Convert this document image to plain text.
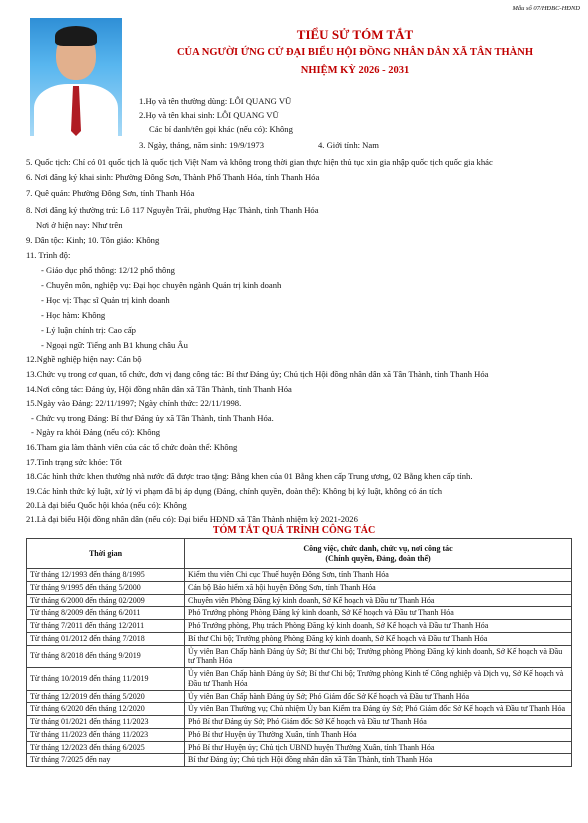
Mẫu số 07/HĐBC-HĐND
TIỂU SỬ TÓM TẮT
CỦA NGƯỜI ỨNG CỬ ĐẠI BIỂU HỘI ĐỒNG NHÂN DÂN XÃ TÂN THÀNH
NHIỆM KỲ 2026 - 2031
1.Họ và tên thường dùng: LÔI QUANG VŨ
2.Họ và tên khai sinh: LÔI QUANG VŨ
Các bí danh/tên gọi khác (nếu có): Không
3. Ngày, tháng, năm sinh: 19/9/1973	4. Giới tính: Nam
5. Quốc tịch: Chỉ có 01 quốc tịch là quốc tịch Việt Nam và không trong thời gian thực hiện thủ tục xin gia nhập quốc tịch quốc gia khác
6. Nơi đăng ký khai sinh: Phường Đông Sơn, Thành Phố Thanh Hóa, tỉnh Thanh Hóa
7. Quê quán: Phường Đông Sơn, tỉnh Thanh Hóa
8. Nơi đăng ký thường trú: Lô 117 Nguyễn Trãi, phường Hạc Thành, tỉnh Thanh Hóa
Nơi ở hiện nay: Như trên
9. Dân tộc: Kinh; 10. Tôn giáo: Không
11. Trình độ:
- Giáo dục phổ thông: 12/12 phổ thông
- Chuyên môn, nghiệp vụ: Đại học chuyên ngành Quản trị kinh doanh
- Học vị: Thạc sĩ Quản trị kinh doanh
- Học hàm: Không
- Lý luận chính trị: Cao cấp
- Ngoại ngữ: Tiếng anh B1 khung châu Âu
12.Nghề nghiệp hiện nay: Cán bộ
13.Chức vụ trong cơ quan, tổ chức, đơn vị đang công tác: Bí thư Đảng ủy; Chủ tịch Hội đồng nhân dân xã Tân Thành, tỉnh Thanh Hóa
14.Nơi công tác: Đảng ủy, Hội đồng nhân dân xã Tân Thành, tỉnh Thanh Hóa
15.Ngày vào Đảng: 22/11/1997; Ngày chính thức: 22/11/1998.
- Chức vụ trong Đảng: Bí thư Đảng ủy xã Tân Thành, tỉnh Thanh Hóa.
- Ngày ra khỏi Đảng (nếu có): Không
16.Tham gia làm thành viên của các tổ chức đoàn thể: Không
17.Tình trạng sức khỏe: Tốt
18.Các hình thức khen thưởng nhà nước đã được trao tặng: Bằng khen của 01 Bằng khen cấp Trung ương, 02 Bằng khen cấp tỉnh.
19.Các hình thức kỷ luật, xử lý vi phạm đã bị áp dụng (Đảng, chính quyền, đoàn thể): Không bị kỷ luật, không có án tích
20.Là đại biểu Quốc hội khóa (nếu có): Không
21.Là đại biểu Hội đồng nhân dân (nếu có): Đại biểu HĐND xã Tân Thành nhiệm kỳ 2021-2026
TÓM TẮT QUÁ TRÌNH CÔNG TÁC
Thời gian	Công việc, chức danh, chức vụ, nơi công tác
(Chính quyền, Đảng, đoàn thể)

Từ tháng 12/1993 đến tháng 8/1995	Kiểm thu viên Chi cục Thuế huyện Đông Sơn, tỉnh Thanh Hóa
Từ tháng 9/1995 đến tháng 5/2000	Cán bộ Bảo hiểm xã hội huyện Đông Sơn, tỉnh Thanh Hóa
Từ tháng 6/2000 đến tháng 02/2009	Chuyên viên Phòng Đăng ký kinh doanh, Sở Kế hoạch và Đầu tư Thanh Hóa
Từ tháng 8/2009 đến tháng 6/2011	Phó Trưởng phòng Phòng Đăng ký kinh doanh, Sở Kế hoạch và Đầu tư Thanh Hóa
Từ tháng 7/2011 đến tháng 12/2011	Phó Trưởng phòng, Phụ trách Phòng Đăng ký kinh doanh, Sở Kế hoạch và Đầu tư Thanh Hóa
Từ tháng 01/2012 đến tháng 7/2018	Bí thư Chi bộ; Trưởng phòng Phòng Đăng ký kinh doanh, Sở Kế hoạch và Đầu tư Thanh Hóa
Từ tháng 8/2018 đến tháng 9/2019	Ủy viên Ban Chấp hành Đảng ủy Sở; Bí thư Chi bộ; Trưởng phòng Phòng Đăng ký kinh doanh, Sở Kế hoạch và Đầu tư Thanh Hóa
Từ tháng 10/2019 đến tháng 11/2019	Ủy viên Ban Chấp hành Đảng ủy Sở; Bí thư Chi bộ; Trưởng phòng Kinh tế Công nghiệp và Dịch vụ, Sở Kế hoạch và Đầu tư Thanh Hóa
Từ tháng 12/2019 đến tháng 5/2020	Ủy viên Ban Chấp hành Đảng ủy Sở; Phó Giám đốc Sở Kế hoạch và Đầu tư Thanh Hóa
Từ tháng 6/2020 đến tháng 12/2020	Ủy viên Ban Thường vụ; Chủ nhiệm Ủy ban Kiểm tra Đảng ủy Sở; Phó Giám đốc Sở Kế hoạch và Đầu tư Thanh Hóa
Từ tháng 01/2021 đến tháng 11/2023	Phó Bí thư Đảng ủy Sở; Phó Giám đốc Sở Kế hoạch và Đầu tư Thanh Hóa
Từ tháng 11/2023 đến tháng 11/2023	Phó Bí thư Huyện ủy Thường Xuân, tỉnh Thanh Hóa
Từ tháng 12/2023 đến tháng 6/2025	Phó Bí thư Huyện ủy; Chủ tịch UBND huyện Thường Xuân, tỉnh Thanh Hóa
Từ tháng 7/2025 đến nay	Bí thư Đảng ủy; Chủ tịch Hội đồng nhân dân xã Tân Thành, tỉnh Thanh Hóa
